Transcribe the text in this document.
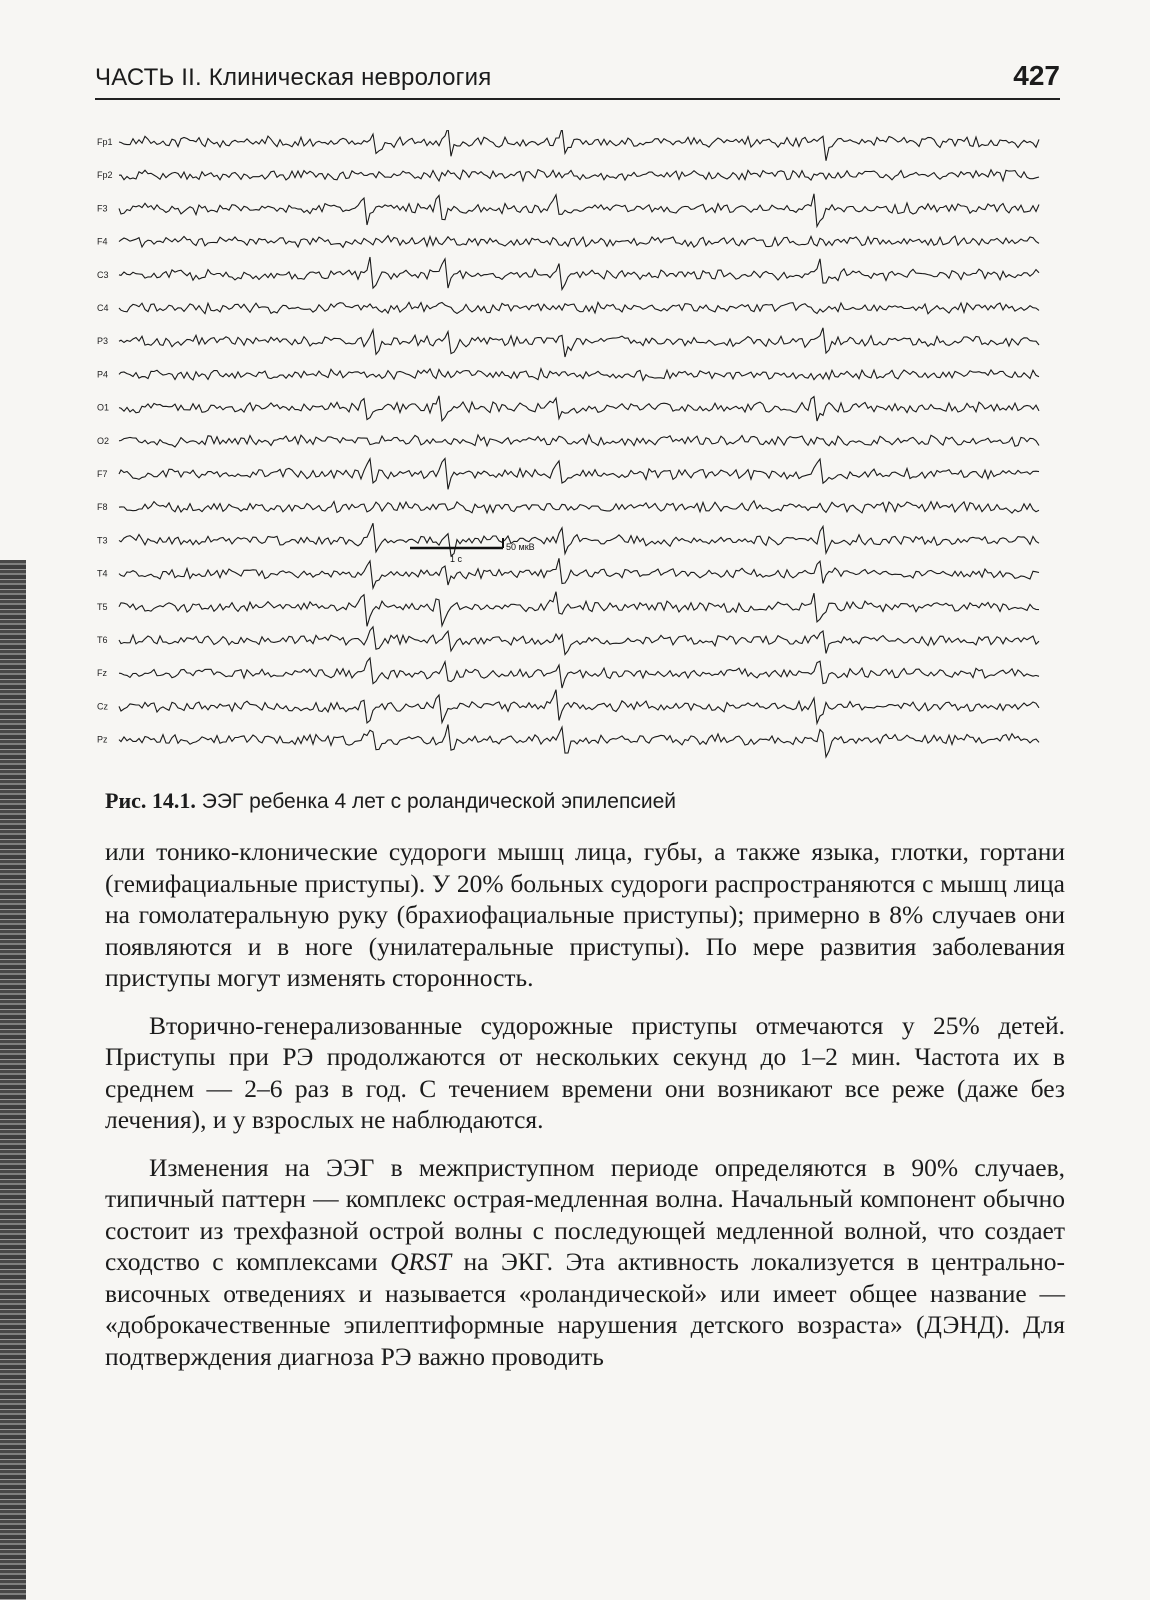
ЧАСТЬ II. Клиническая неврология	427
Fp1
Fp2
F3
F4
C3
C4
P3
P4
O1
O2
F7
F8
T3
T4
T5
T6
Fz
Cz
Pz
50 мкВ
1 с
Рис. 14.1. ЭЭГ ребенка 4 лет с роландической эпилепсией

или тонико-клонические судороги мышц лица, губы, а также языка, глотки, гортани (гемифациальные приступы). У 20% больных судороги распространяются с мышц лица на гомолатеральную руку (брахиофациальные приступы); примерно в 8% случаев они появляются и в ноге (унилатеральные приступы). По мере развития заболевания приступы могут изменять сторонность.

Вторично-генерализованные судорожные приступы отмечаются у 25% детей. Приступы при РЭ продолжаются от нескольких секунд до 1–2 мин. Частота их в среднем — 2–6 раз в год. С течением времени они возникают все реже (даже без лечения), и у взрослых не наблюдаются.

Изменения на ЭЭГ в межприступном периоде определяются в 90% случаев, типичный паттерн — комплекс острая-медленная волна. Начальный компонент обычно состоит из трехфазной острой волны с последующей медленной волной, что создает сходство с комплексами QRST на ЭКГ. Эта активность локализуется в центрально-височных отведениях и называется «роландической» или имеет общее название — «доброкачественные эпилептиформные нарушения детского возраста» (ДЭНД). Для подтверждения диагноза РЭ важно проводить
